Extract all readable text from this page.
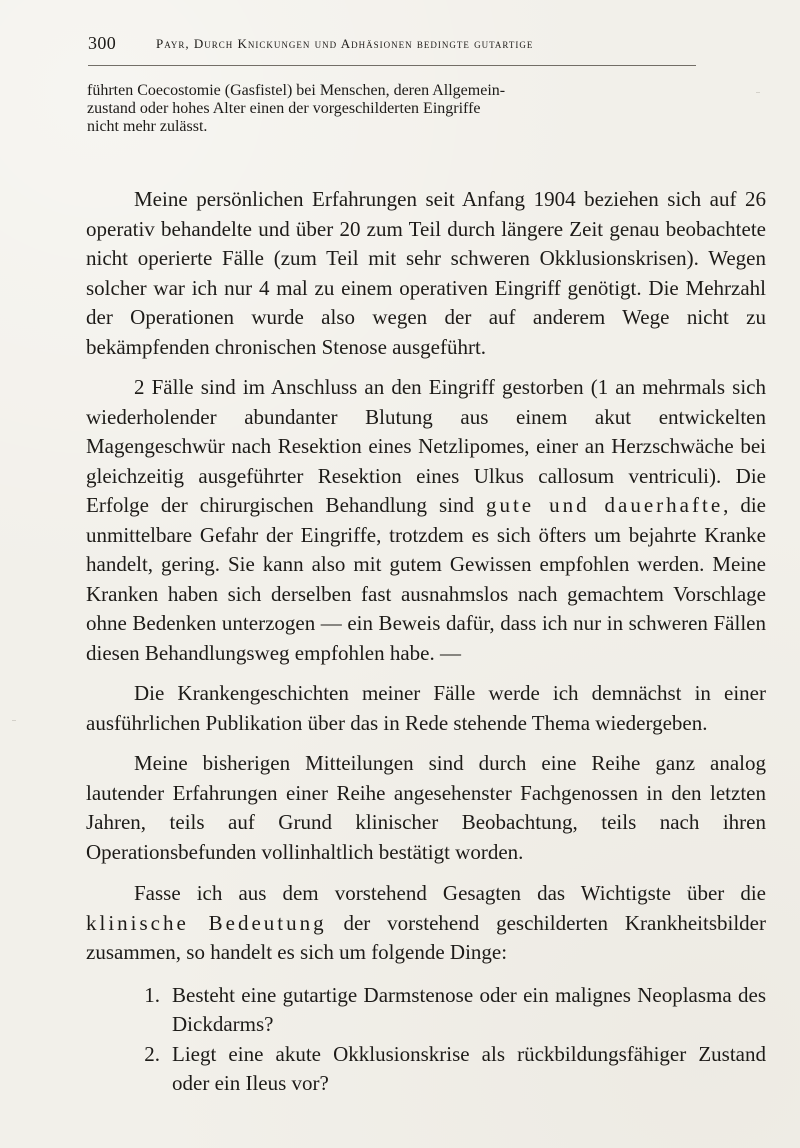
300	Payr, Durch Knickungen und Adhäsionen bedingte gutartige
führten Coecostomie (Gasfistel) bei Menschen, deren Allgemein-
zustand oder hohes Alter einen der vorgeschilderten Eingriffe
nicht mehr zulässt.

Meine persönlichen Erfahrungen seit Anfang 1904 beziehen sich auf 26 operativ behandelte und über 20 zum Teil durch längere Zeit genau beobachtete nicht operierte Fälle (zum Teil mit sehr schweren Okklusionskrisen). Wegen solcher war ich nur 4 mal zu einem operativen Eingriff genötigt. Die Mehrzahl der Operationen wurde also wegen der auf anderem Wege nicht zu bekämpfenden chronischen Stenose ausgeführt.

2 Fälle sind im Anschluss an den Eingriff gestorben (1 an mehrmals sich wiederholender abundanter Blutung aus einem akut entwickelten Magengeschwür nach Resektion eines Netzlipomes, einer an Herzschwäche bei gleichzeitig ausgeführter Resektion eines Ulkus callosum ventriculi). Die Erfolge der chirurgischen Behandlung sind gute und dauerhafte, die unmittelbare Gefahr der Eingriffe, trotzdem es sich öfters um bejahrte Kranke handelt, gering. Sie kann also mit gutem Gewissen empfohlen werden. Meine Kranken haben sich derselben fast ausnahmslos nach gemachtem Vorschlage ohne Bedenken unterzogen — ein Beweis dafür, dass ich nur in schweren Fällen diesen Behandlungsweg empfohlen habe. —

Die Krankengeschichten meiner Fälle werde ich demnächst in einer ausführlichen Publikation über das in Rede stehende Thema wiedergeben.

Meine bisherigen Mitteilungen sind durch eine Reihe ganz analog lautender Erfahrungen einer Reihe angesehenster Fachgenossen in den letzten Jahren, teils auf Grund klinischer Beobachtung, teils nach ihren Operationsbefunden vollinhaltlich bestätigt worden.

Fasse ich aus dem vorstehend Gesagten das Wichtigste über die klinische Bedeutung der vorstehend geschilderten Krankheitsbilder zusammen, so handelt es sich um folgende Dinge:

1. Besteht eine gutartige Darmstenose oder ein malignes Neoplasma des Dickdarms?
2. Liegt eine akute Okklusionskrise als rückbildungsfähiger Zustand oder ein Ileus vor?
